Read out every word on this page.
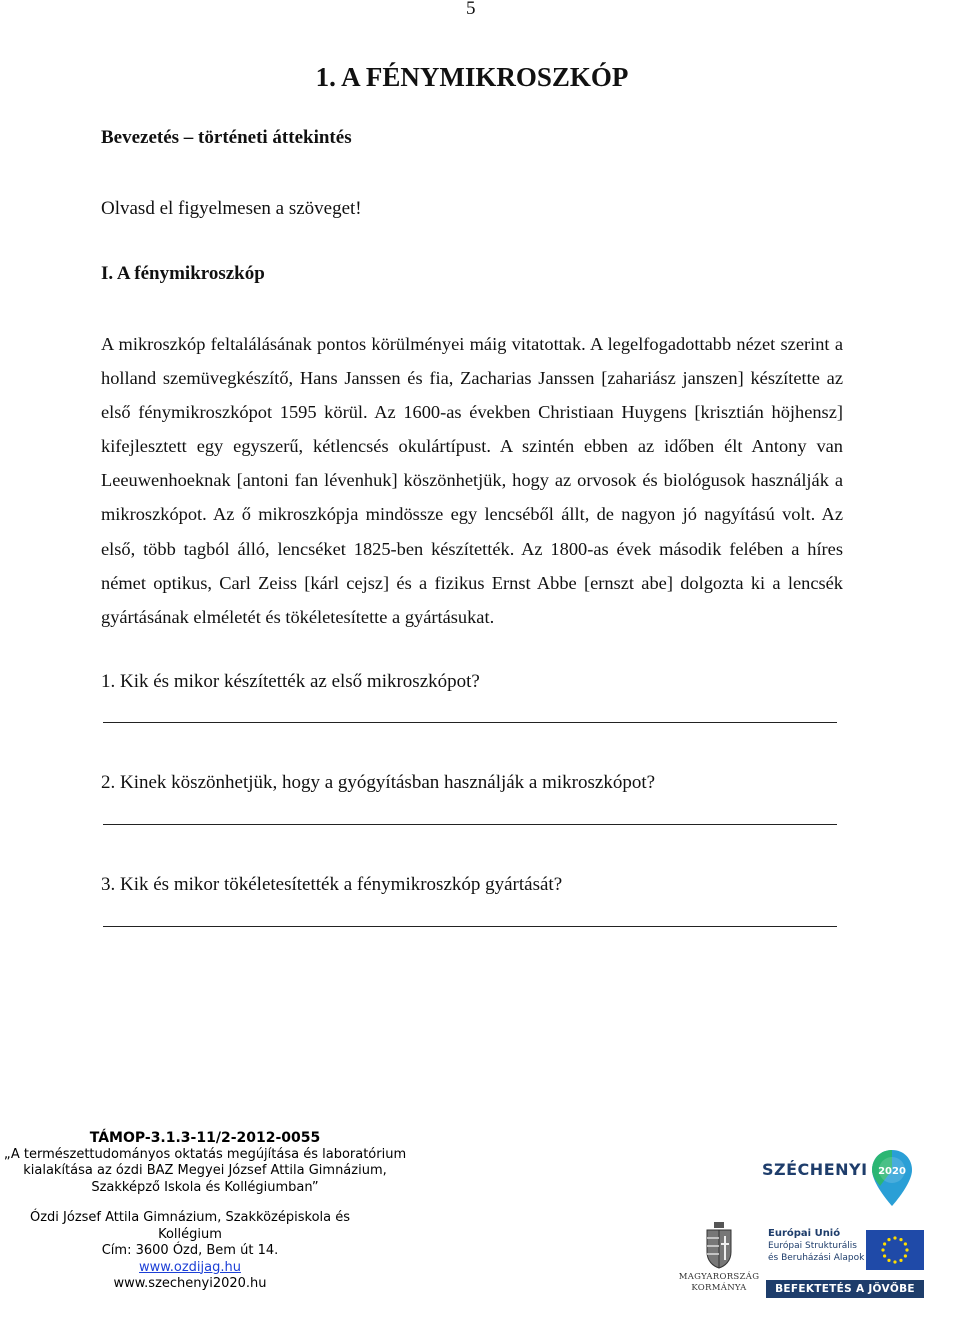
5
1. A FÉNYMIKROSZKÓP
Bevezetés – történeti áttekintés
Olvasd el figyelmesen a szöveget!
I. A fénymikroszkóp

A mikroszkóp feltalálásának pontos körülményei máig vitatottak. A legelfogadottabb nézet szerint a holland szemüvegkészítő, Hans Janssen és fia, Zacharias Janssen [zahariász janszen] készítette az első fénymikroszkópot 1595 körül. Az 1600-as években Christiaan Huygens [krisztián höjhensz] kifejlesztett egy egyszerű, kétlencsés okulártípust. A szintén ebben az időben élt Antony van Leeuwenhoeknak [antoni fan lévenhuk] köszönhetjük, hogy az orvosok és biológusok használják a mikroszkópot. Az ő mikroszkópja mindössze egy lencséből állt, de nagyon jó nagyítású volt. Az első, több tagból álló, lencséket 1825-ben készítették. Az 1800-as évek második felében a híres német optikus, Carl Zeiss [kárl cejsz] és a fizikus Ernst Abbe [ernszt abe] dolgozta ki a lencsék gyártásának elméletét és tökéletesítette a gyártásukat.

1. Kik és mikor készítették az első mikroszkópot?
2. Kinek köszönhetjük, hogy a gyógyításban használják a mikroszkópot?
3. Kik és mikor tökéletesítették a fénymikroszkóp gyártását?
TÁMOP-3.1.3-11/2-2012-0055
„A természettudományos oktatás megújítása és laboratórium
kialakítása az ózdi BAZ Megyei József Attila Gimnázium,
Szakképző Iskola és Kollégiumban”
Ózdi József Attila Gimnázium, Szakközépiskola és
Kollégium
Cím: 3600 Ózd, Bem út 14.
www.ozdijag.hu
www.szechenyi2020.hu
SZÉCHENYI 2020
MAGYARORSZÁG
KORMÁNYA
Európai Unió
Európai Strukturális
és Beruházási Alapok
BEFEKTETÉS A JÖVŐBE
